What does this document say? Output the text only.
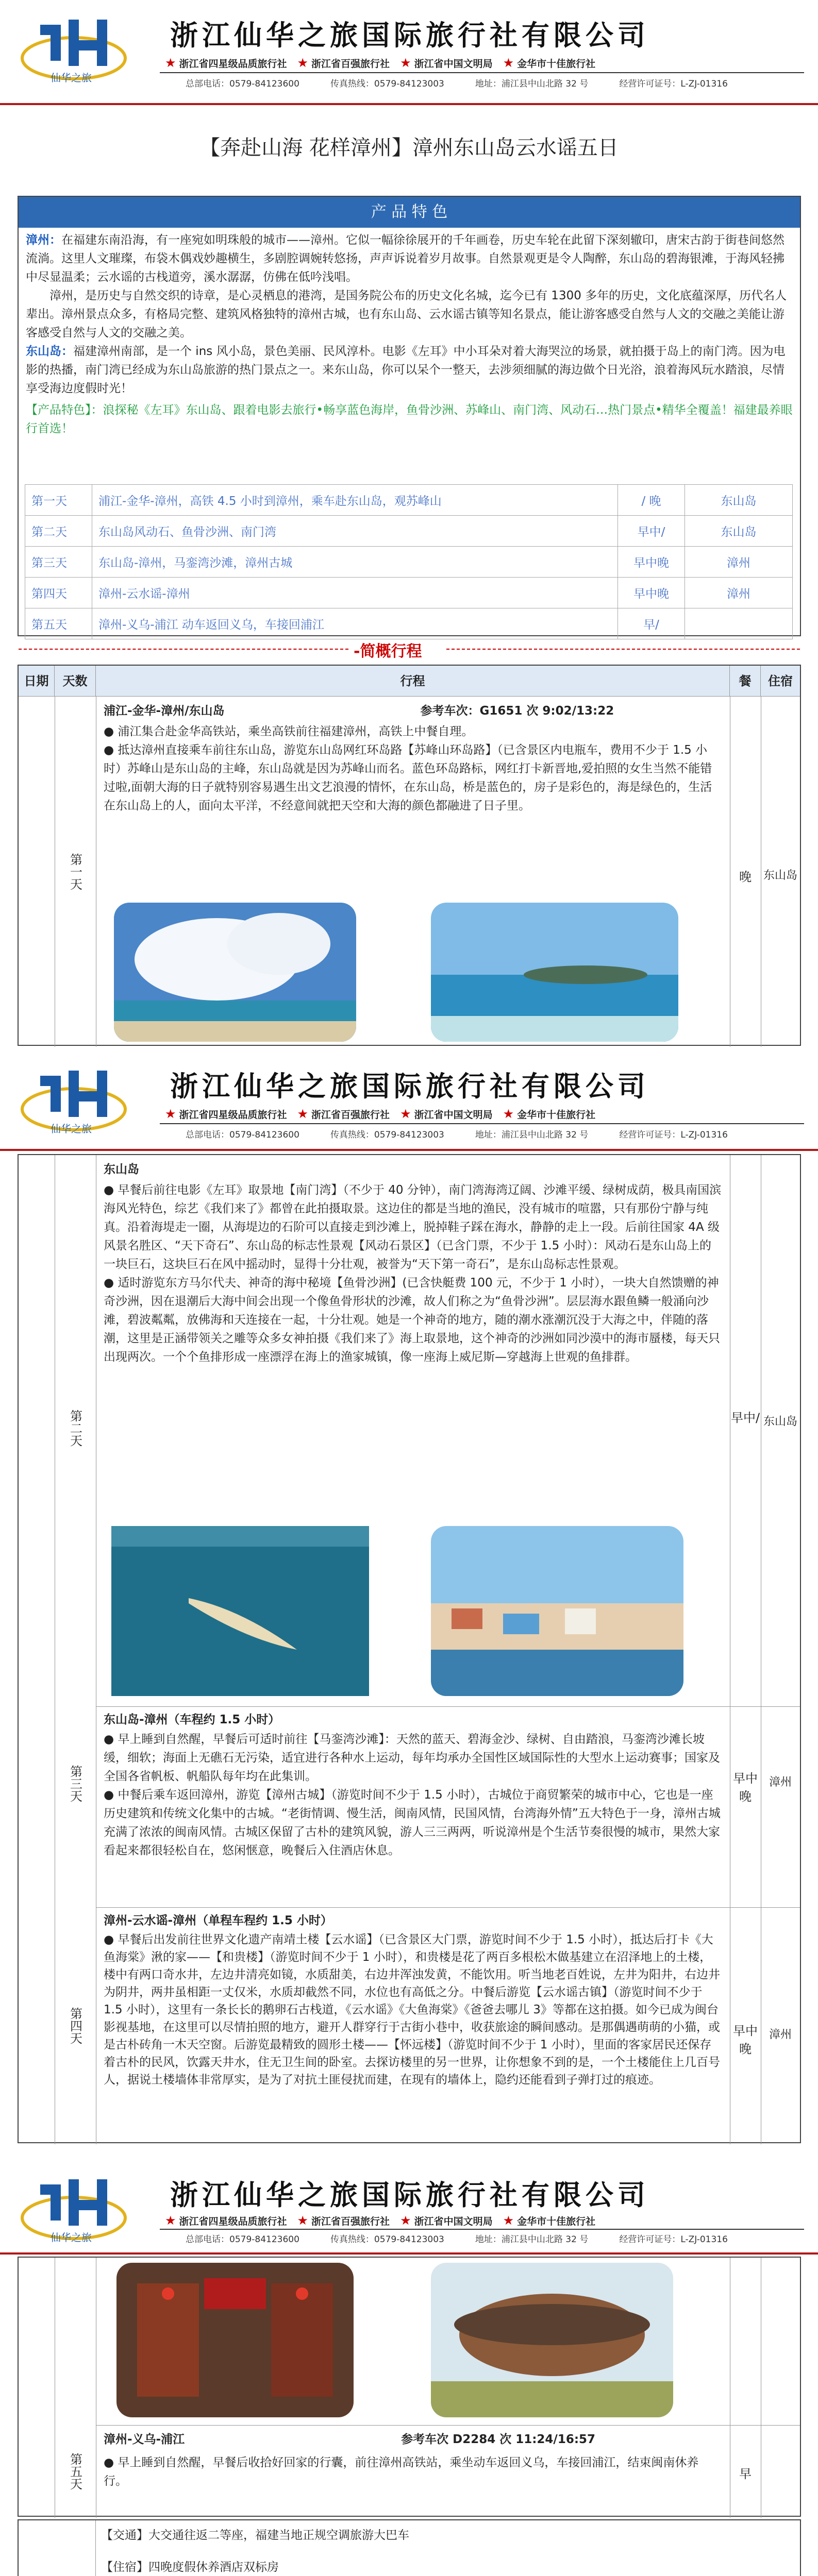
仙华之旅
浙江仙华之旅国际旅行社有限公司
★ 浙江省四星级品质旅行社 ★ 浙江省百强旅行社 ★ 浙江省中国文明局 ★ 金华市十佳旅行社
总部电话：0579-84123600	传真热线：0579-84123003	地址：浦江县中山北路 32 号	经营许可证号：L-ZJ-01316
【奔赴山海 花样漳州】漳州东山岛云水谣五日
产 品 特 色

漳州：在福建东南沿海，有一座宛如明珠般的城市——漳州。它似一幅徐徐展开的千年画卷，历史车轮在此留下深刻辙印，唐宋古韵于街巷间悠然流淌。这里人文璀璨，布袋木偶戏妙趣横生，多剧腔调婉转悠扬，声声诉说着岁月故事。自然景观更是令人陶醉，东山岛的碧海银滩，于海风轻拂中尽显温柔；云水谣的古栈道旁，溪水潺潺，仿佛在低吟浅唱。

漳州，是历史与自然交织的诗章，是心灵栖息的港湾，是国务院公布的历史文化名城，迄今已有 1300 多年的历史，文化底蕴深厚，历代名人辈出。漳州景点众多，有格局完整、建筑风格独特的漳州古城，也有东山岛、云水谣古镇等知名景点，能让游客感受自然与人文的交融之美能让游客感受自然与人文的交融之美。

东山岛：福建漳州南部，是一个 ins 风小岛，景色美丽、民风淳朴。电影《左耳》中小耳朵对着大海哭泣的场景，就拍摄于岛上的南门湾。因为电影的热播，南门湾已经成为东山岛旅游的热门景点之一。来东山岛，你可以呆个一整天，去涉须细腻的海边做个日光浴，浪着海风玩水踏浪，尽情享受海边度假时光！

【产品特色】：浪探秘《左耳》东山岛、跟着电影去旅行•畅享蓝色海岸，鱼骨沙洲、苏峰山、南门湾、风动石…热门景点•精华全覆盖！福建最养眼行首选！

第一天	浦江-金华-漳州，高铁 4.5 小时到漳州，乘车赴东山岛，观苏峰山	/ 晚	东山岛
第二天	东山岛风动石、鱼骨沙洲、南门湾	早中/	东山岛
第三天	东山岛-漳州，马銮湾沙滩，漳州古城	早中晚	漳州
第四天	漳州-云水谣-漳州	早中晚	漳州
第五天	漳州-义乌-浦江 动车返回义乌，车接回浦江	早/	
-简概行程
日期	天数	行程	餐	住宿
第一天
浦江-金华-漳州/东山岛	参考车次：G1651 次 9:02/13:22

● 浦江集合赴金华高铁站，乘坐高铁前往福建漳州，高铁上中餐自理。

● 抵达漳州直接乘车前往东山岛，游览东山岛网红环岛路【苏峰山环岛路】（已含景区内电瓶车，费用不少于 1.5 小时）苏峰山是东山岛的主峰，东山岛就是因为苏峰山而名。蓝色环岛路标，网红打卡新晋地,爱拍照的女生当然不能错过啦,面朝大海的日子就特别容易遇生出文艺浪漫的情怀，在东山岛，桥是蓝色的，房子是彩色的，海是绿色的，生活在东山岛上的人，面向太平洋，不经意间就把天空和大海的颜色都融进了日子里。

晚	东山岛
仙华之旅
浙江仙华之旅国际旅行社有限公司
★ 浙江省四星级品质旅行社 ★ 浙江省百强旅行社 ★ 浙江省中国文明局 ★ 金华市十佳旅行社
总部电话：0579-84123600	传真热线：0579-84123003	地址：浦江县中山北路 32 号	经营许可证号：L-ZJ-01316
第二天
东山岛

● 早餐后前往电影《左耳》取景地【南门湾】（不少于 40 分钟），南门湾海湾辽阔、沙滩平缓、绿树成荫，极具南国滨海风光特色，综艺《我们来了》都曾在此拍摄取景。这边住的都是当地的渔民，没有城市的喧嚣，只有那份宁静与纯真。沿着海堤走一圈，从海堤边的石阶可以直接走到沙滩上，脱掉鞋子踩在海水，静静的走上一段。后前往国家 4A 级风景名胜区、“天下奇石”、东山岛的标志性景观【风动石景区】（已含门票，不少于 1.5 小时）：风动石是东山岛上的一块巨石，这块巨石在风中摇动时，显得十分壮观，被誉为“天下第一奇石”，是东山岛标志性景观。

● 适时游览东方马尔代夫、神奇的海中秘境【鱼骨沙洲】(已含快艇费 100 元，不少于 1 小时），一块大自然馈赠的神奇沙洲，因在退潮后大海中间会出现一个像鱼骨形状的沙滩，故人们称之为“鱼骨沙洲”。层层海水跟鱼鳞一般涌向沙滩，碧波粼粼，放佛海和天连接在一起，十分壮观。她是一个神奇的地方，随的潮水涨潮沉没于大海之中，伴随的落潮，这里是正涵带领关之雕等众多女神拍摄《我们来了》海上取景地，这个神奇的沙洲如同沙漠中的海市蜃楼，每天只出现两次。一个个鱼排形成一座漂浮在海上的渔家城镇，像一座海上威尼斯—穿越海上世观的鱼排群。

早中/ 东山岛
第三天
东山岛-漳州（车程约 1.5 小时）

● 早上睡到自然醒，早餐后可适时前往【马銮湾沙滩】：天然的蓝天、碧海金沙、绿树、自由踏浪，马銮湾沙滩长坡缓，细软；海面上无礁石无污染，适宜进行各种水上运动，每年均承办全国性区域国际性的大型水上运动赛事；国家及全国各省帆板、帆船队每年均在此集训。

● 中餐后乘车返回漳州，游览【漳州古城】（游览时间不少于 1.5 小时），古城位于商贸繁荣的城市中心，它也是一座历史建筑和传统文化集中的古城。“老街情调、慢生活，闽南风情，民国风情，台湾海外情”五大特色于一身，漳州古城充满了浓浓的闽南风情。古城区保留了古朴的建筑风貌，游人三三两两，听说漳州是个生活节奏很慢的城市，果然大家看起来都很轻松自在，悠闲惬意，晚餐后入住酒店休息。

早中晚
漳州
第四天
漳州-云水谣-漳州（单程车程约 1.5 小时）

● 早餐后出发前往世界文化遗产南靖土楼【云水谣】（已含景区大门票，游览时间不少于 1.5 小时），抵达后打卡《大鱼海棠》湫的家——【和贵楼】（游览时间不少于 1 小时），和贵楼是花了两百多根松木做基建立在沼泽地上的土楼，楼中有两口奇水井，左边井清亮如镜，水质甜美，右边井浑浊发黄，不能饮用。听当地老百姓说，左井为阳井，右边井为阴井，两井虽相距一丈仅米，水质却截然不同，水位也有高低之分。中餐后游览【云水谣古镇】（游览时间不少于 1.5 小时），这里有一条长长的鹅卵石古栈道，《云水谣》《大鱼海棠》《爸爸去哪儿 3》等都在这拍摄。如今已成为闽台影视基地，在这里可以尽情拍照的地方，避开人群穿行于古街小巷中，收获旅途的瞬间感动。是那偶遇萌萌的小猫，或是古朴砖角一木天空窗。后游览最精致的圆形土楼——【怀远楼】（游览时间不少于 1 小时），里面的客家居民还保存着古朴的民风，饮露天井水，住无卫生间的卧室。去探访楼里的另一世界，让你想象不到的是，一个土楼能住上几百号人，据说土楼墙体非常厚实，是为了对抗土匪侵扰而建，在现有的墙体上，隐约还能看到子弹打过的痕迹。

早中晚
漳州
仙华之旅
浙江仙华之旅国际旅行社有限公司
★ 浙江省四星级品质旅行社 ★ 浙江省百强旅行社 ★ 浙江省中国文明局 ★ 金华市十佳旅行社
总部电话：0579-84123600	传真热线：0579-84123003	地址：浦江县中山北路 32 号	经营许可证号：L-ZJ-01316
第五天
漳州-义乌-浦江	参考车次 D2284 次 11:24/16:57

● 早上睡到自然醒，早餐后收拾好回家的行囊，前往漳州高铁站，乘坐动车返回义乌，车接回浦江，结束闽南休养行。	早
【交通】大交通往返二等座，福建当地正规空调旅游大巴车
【住宿】四晚度假休养酒店双标房
